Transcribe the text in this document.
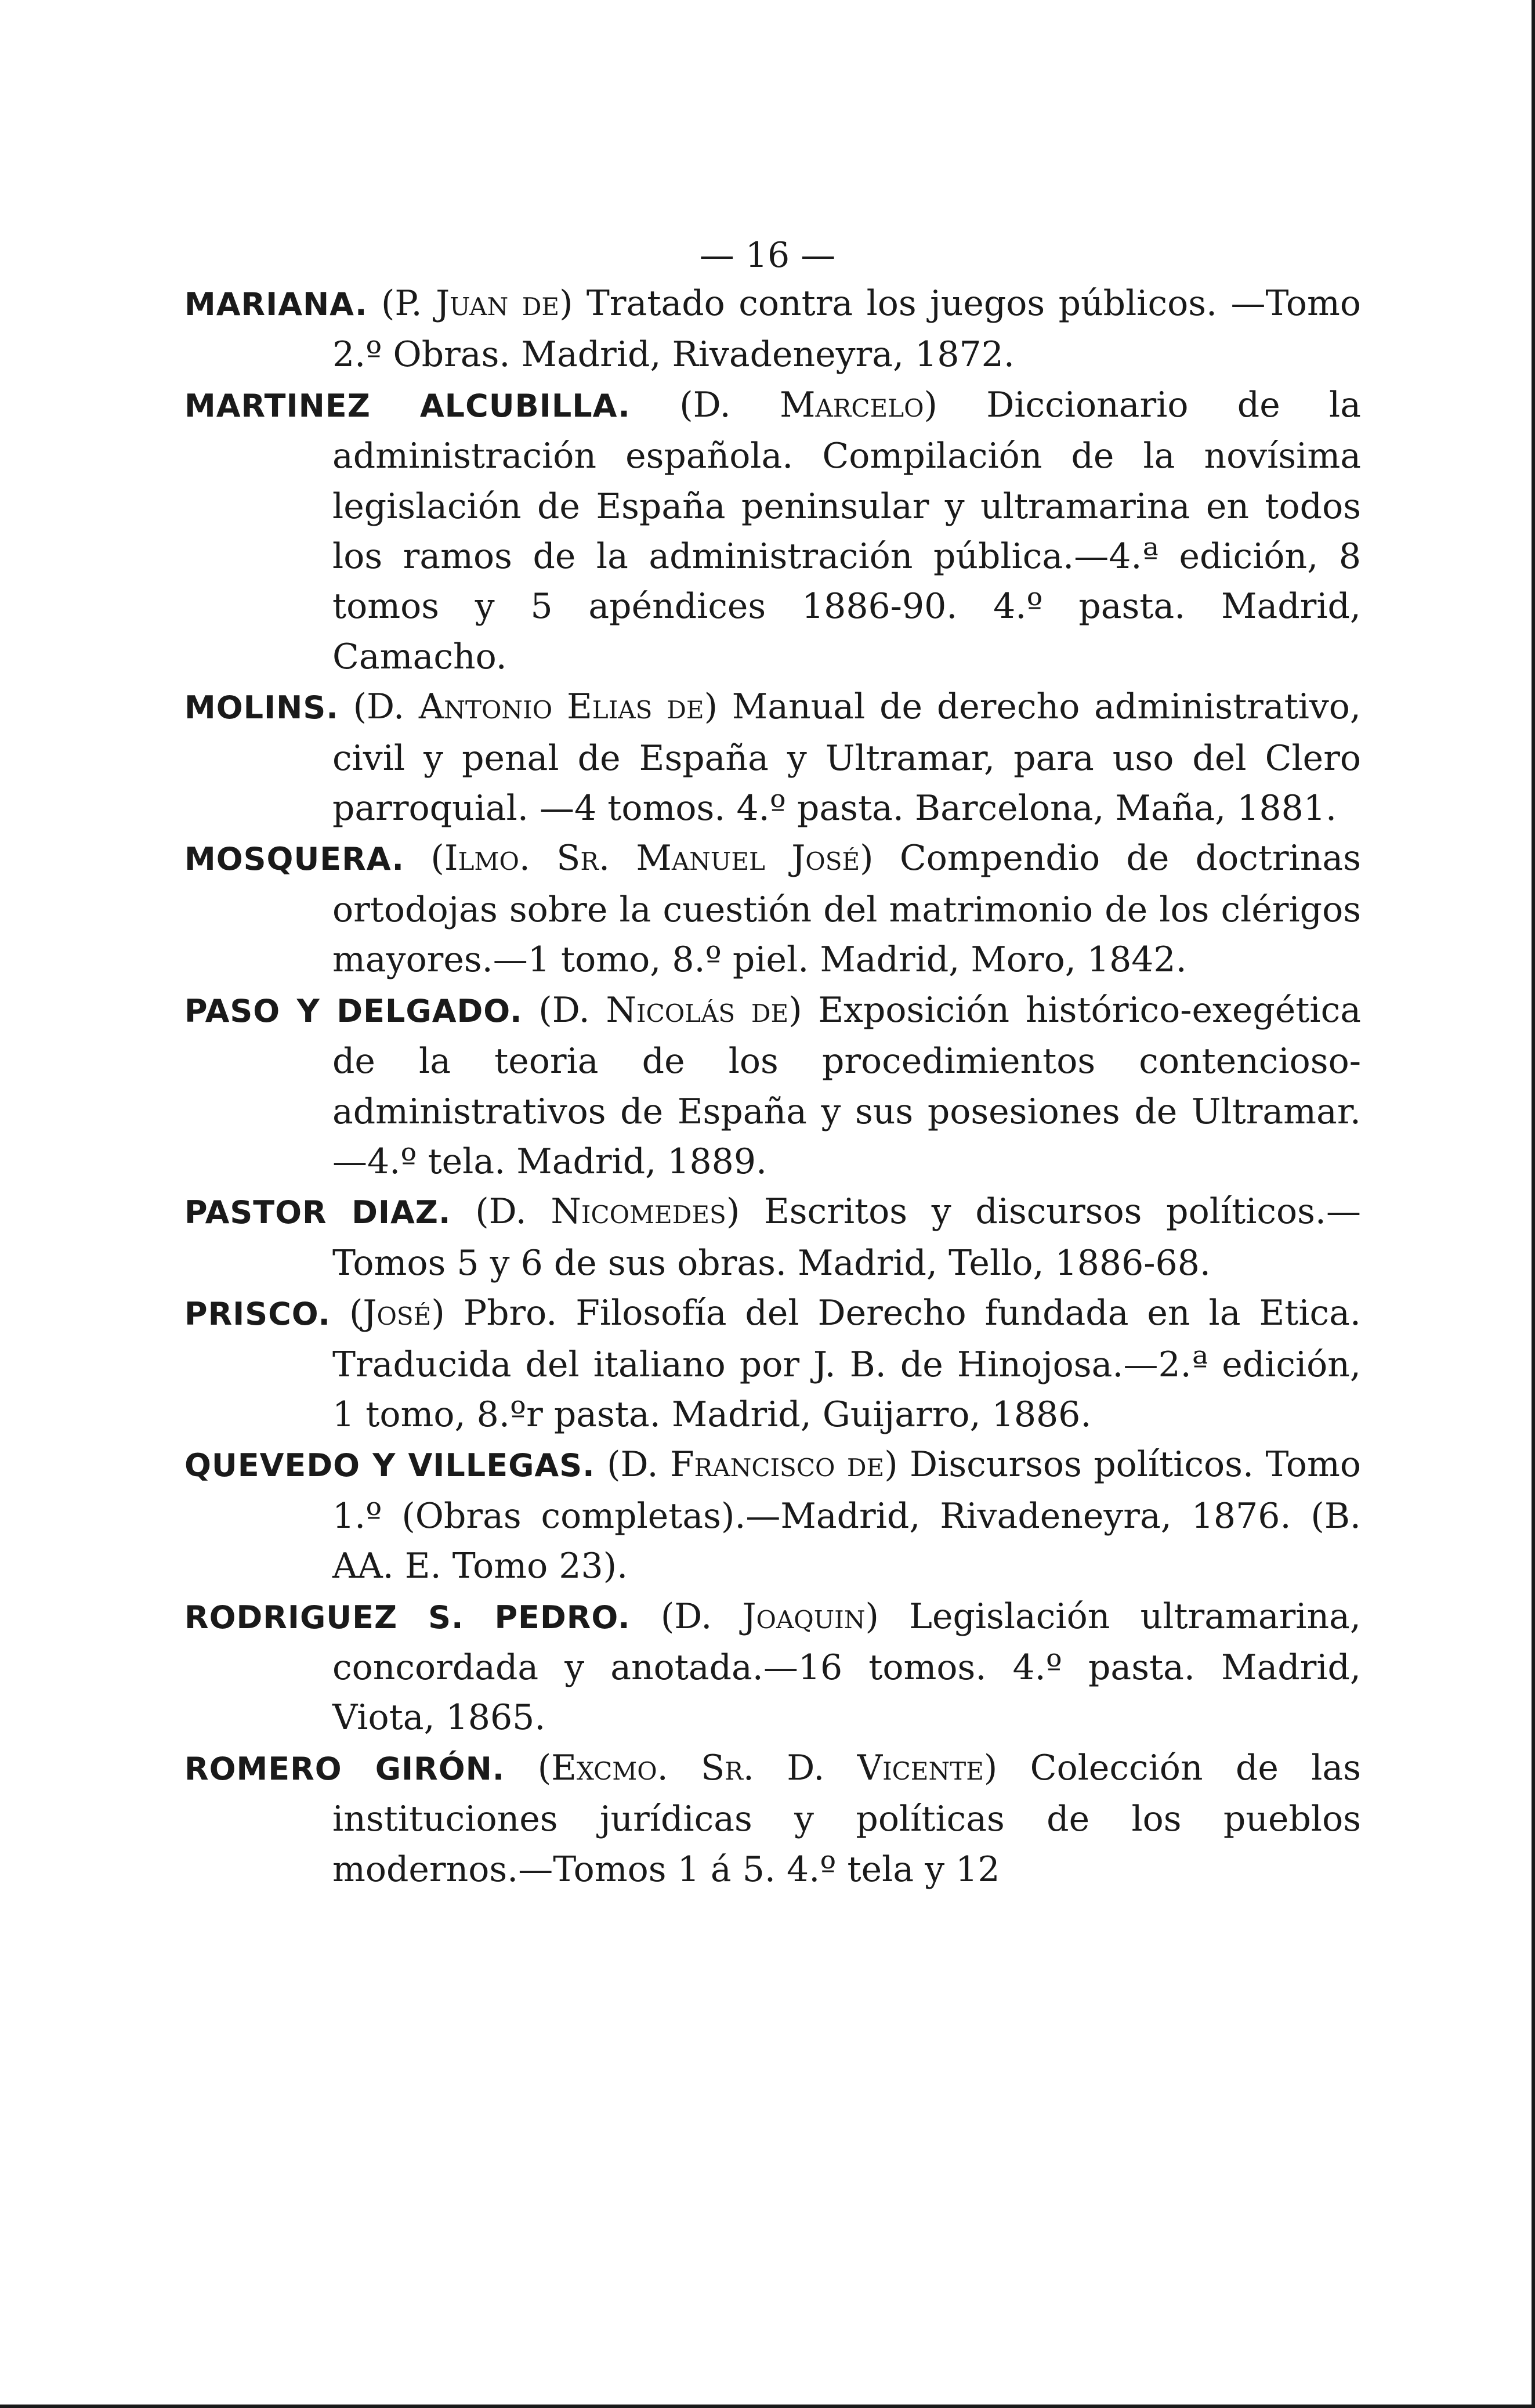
— 16 —

MARIANA. (P. Juan de) Tratado contra los juegos públicos. —Tomo 2.º Obras. Madrid, Rivadeneyra, 1872.

MARTINEZ ALCUBILLA. (D. Marcelo) Diccionario de la administración española. Compilación de la novísima legislación de España peninsular y ultramarina en todos los ramos de la administración pública.—4.ª edición, 8 tomos y 5 apéndices 1886-90. 4.º pasta. Madrid, Camacho.

MOLINS. (D. Antonio Elias de) Manual de derecho administrativo, civil y penal de España y Ultramar, para uso del Clero parroquial. —4 tomos. 4.º pasta. Barcelona, Maña, 1881.

MOSQUERA. (Ilmo. Sr. Manuel José) Compendio de doctrinas ortodojas sobre la cuestión del matrimonio de los clérigos mayores.—1 tomo, 8.º piel. Madrid, Moro, 1842.

PASO Y DELGADO. (D. Nicolás de) Exposición histórico-exegética de la teoria de los procedimientos contencioso-administrativos de España y sus posesiones de Ultramar.—4.º tela. Madrid, 1889.

PASTOR DIAZ. (D. Nicomedes) Escritos y discursos políticos.—Tomos 5 y 6 de sus obras. Madrid, Tello, 1886-68.

PRISCO. (José) Pbro. Filosofía del Derecho fundada en la Etica. Traducida del italiano por J. B. de Hinojosa.—2.ª edición, 1 tomo, 8.ºr pasta. Madrid, Guijarro, 1886.

QUEVEDO Y VILLEGAS. (D. Francisco de) Discursos políticos. Tomo 1.º (Obras completas).—Madrid, Rivadeneyra, 1876. (B. AA. E. Tomo 23).

RODRIGUEZ S. PEDRO. (D. Joaquin) Legislación ultramarina, concordada y anotada.—16 tomos. 4.º pasta. Madrid, Viota, 1865.

ROMERO GIRÓN. (Excmo. Sr. D. Vicente) Colección de las instituciones jurídicas y políticas de los pueblos modernos.—Tomos 1 á 5. 4.º tela y 12
